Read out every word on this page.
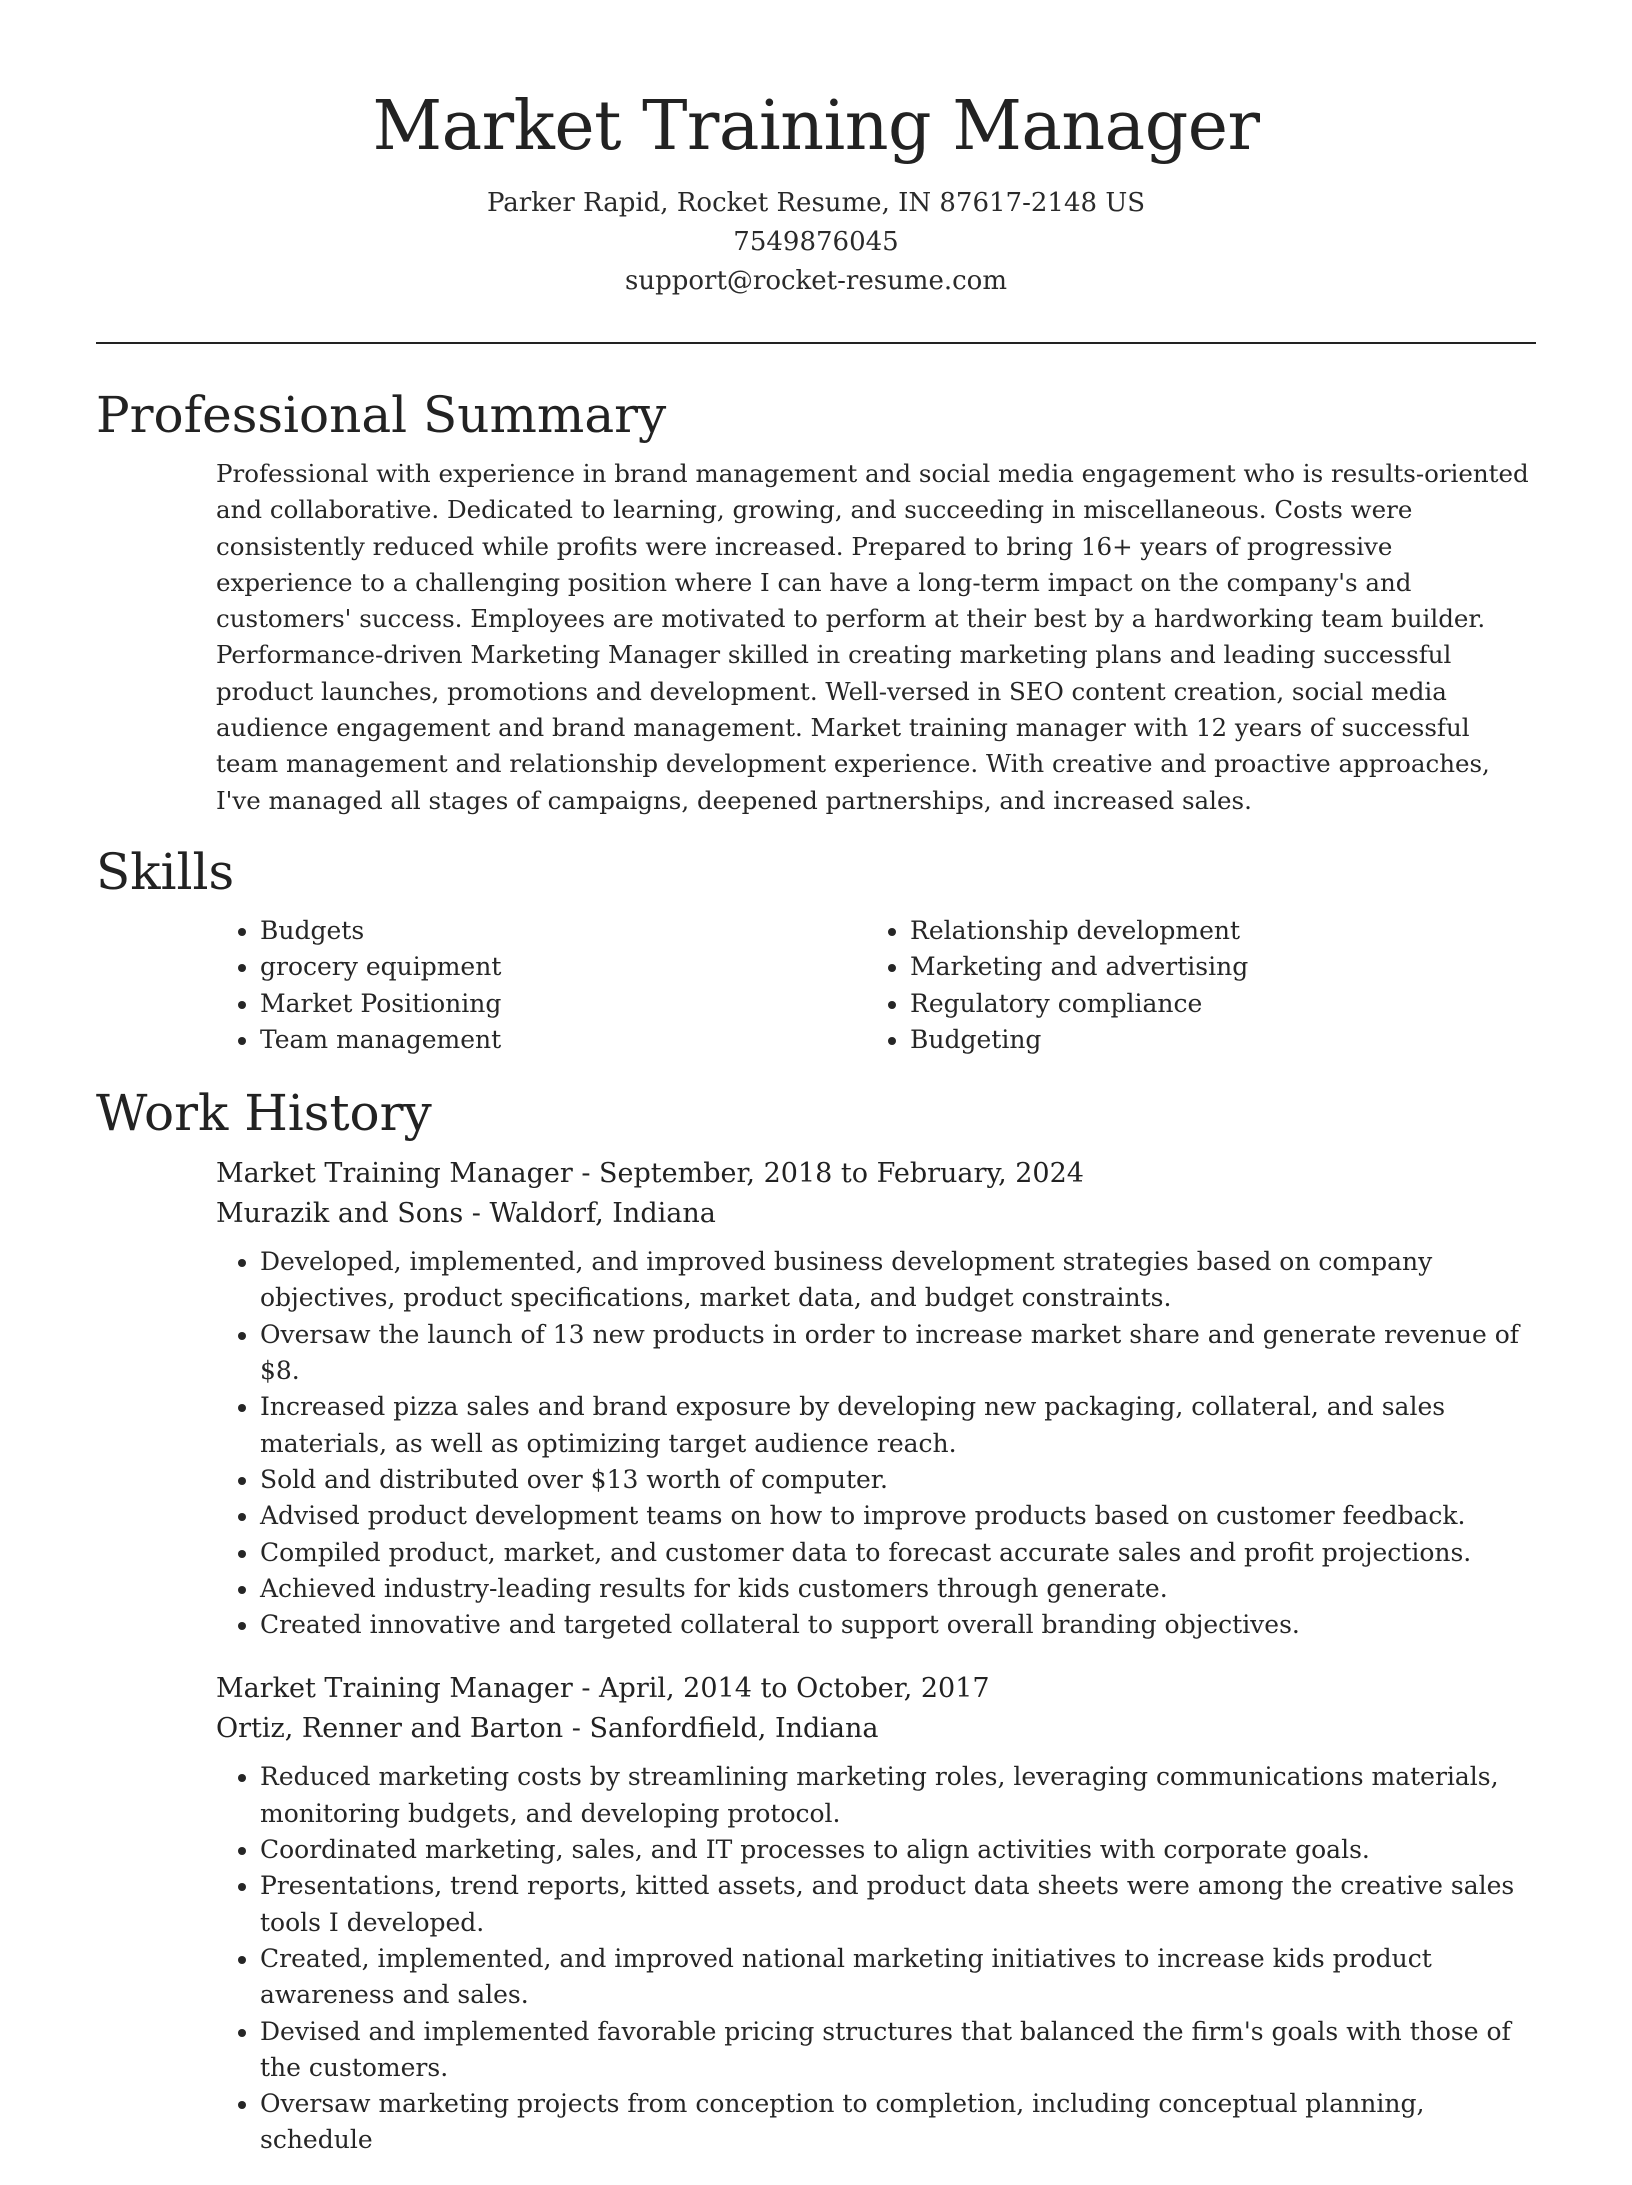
Market Training Manager
Parker Rapid, Rocket Resume, IN 87617-2148 US
7549876045
support@rocket-resume.com
Professional Summary
Professional with experience in brand management and social media engagement who is results-oriented and collaborative. Dedicated to learning, growing, and succeeding in miscellaneous. Costs were consistently reduced while profits were increased. Prepared to bring 16+ years of progressive experience to a challenging position where I can have a long-term impact on the company's and customers' success. Employees are motivated to perform at their best by a hardworking team builder. Performance-driven Marketing Manager skilled in creating marketing plans and leading successful product launches, promotions and development. Well-versed in SEO content creation, social media audience engagement and brand management. Market training manager with 12 years of successful team management and relationship development experience. With creative and proactive approaches, I've managed all stages of campaigns, deepened partnerships, and increased sales.
Skills
• Budgets
• grocery equipment
• Market Positioning
• Team management
• Relationship development
• Marketing and advertising
• Regulatory compliance
• Budgeting
Work History
Market Training Manager - September, 2018 to February, 2024
Murazik and Sons - Waldorf, Indiana
• Developed, implemented, and improved business development strategies based on company objectives, product specifications, market data, and budget constraints.
• Oversaw the launch of 13 new products in order to increase market share and generate revenue of $8.
• Increased pizza sales and brand exposure by developing new packaging, collateral, and sales materials, as well as optimizing target audience reach.
• Sold and distributed over $13 worth of computer.
• Advised product development teams on how to improve products based on customer feedback.
• Compiled product, market, and customer data to forecast accurate sales and profit projections.
• Achieved industry-leading results for kids customers through generate.
• Created innovative and targeted collateral to support overall branding objectives.
Market Training Manager - April, 2014 to October, 2017
Ortiz, Renner and Barton - Sanfordfield, Indiana
• Reduced marketing costs by streamlining marketing roles, leveraging communications materials, monitoring budgets, and developing protocol.
• Coordinated marketing, sales, and IT processes to align activities with corporate goals.
• Presentations, trend reports, kitted assets, and product data sheets were among the creative sales tools I developed.
• Created, implemented, and improved national marketing initiatives to increase kids product awareness and sales.
• Devised and implemented favorable pricing structures that balanced the firm's goals with those of the customers.
• Oversaw marketing projects from conception to completion, including conceptual planning, schedule
